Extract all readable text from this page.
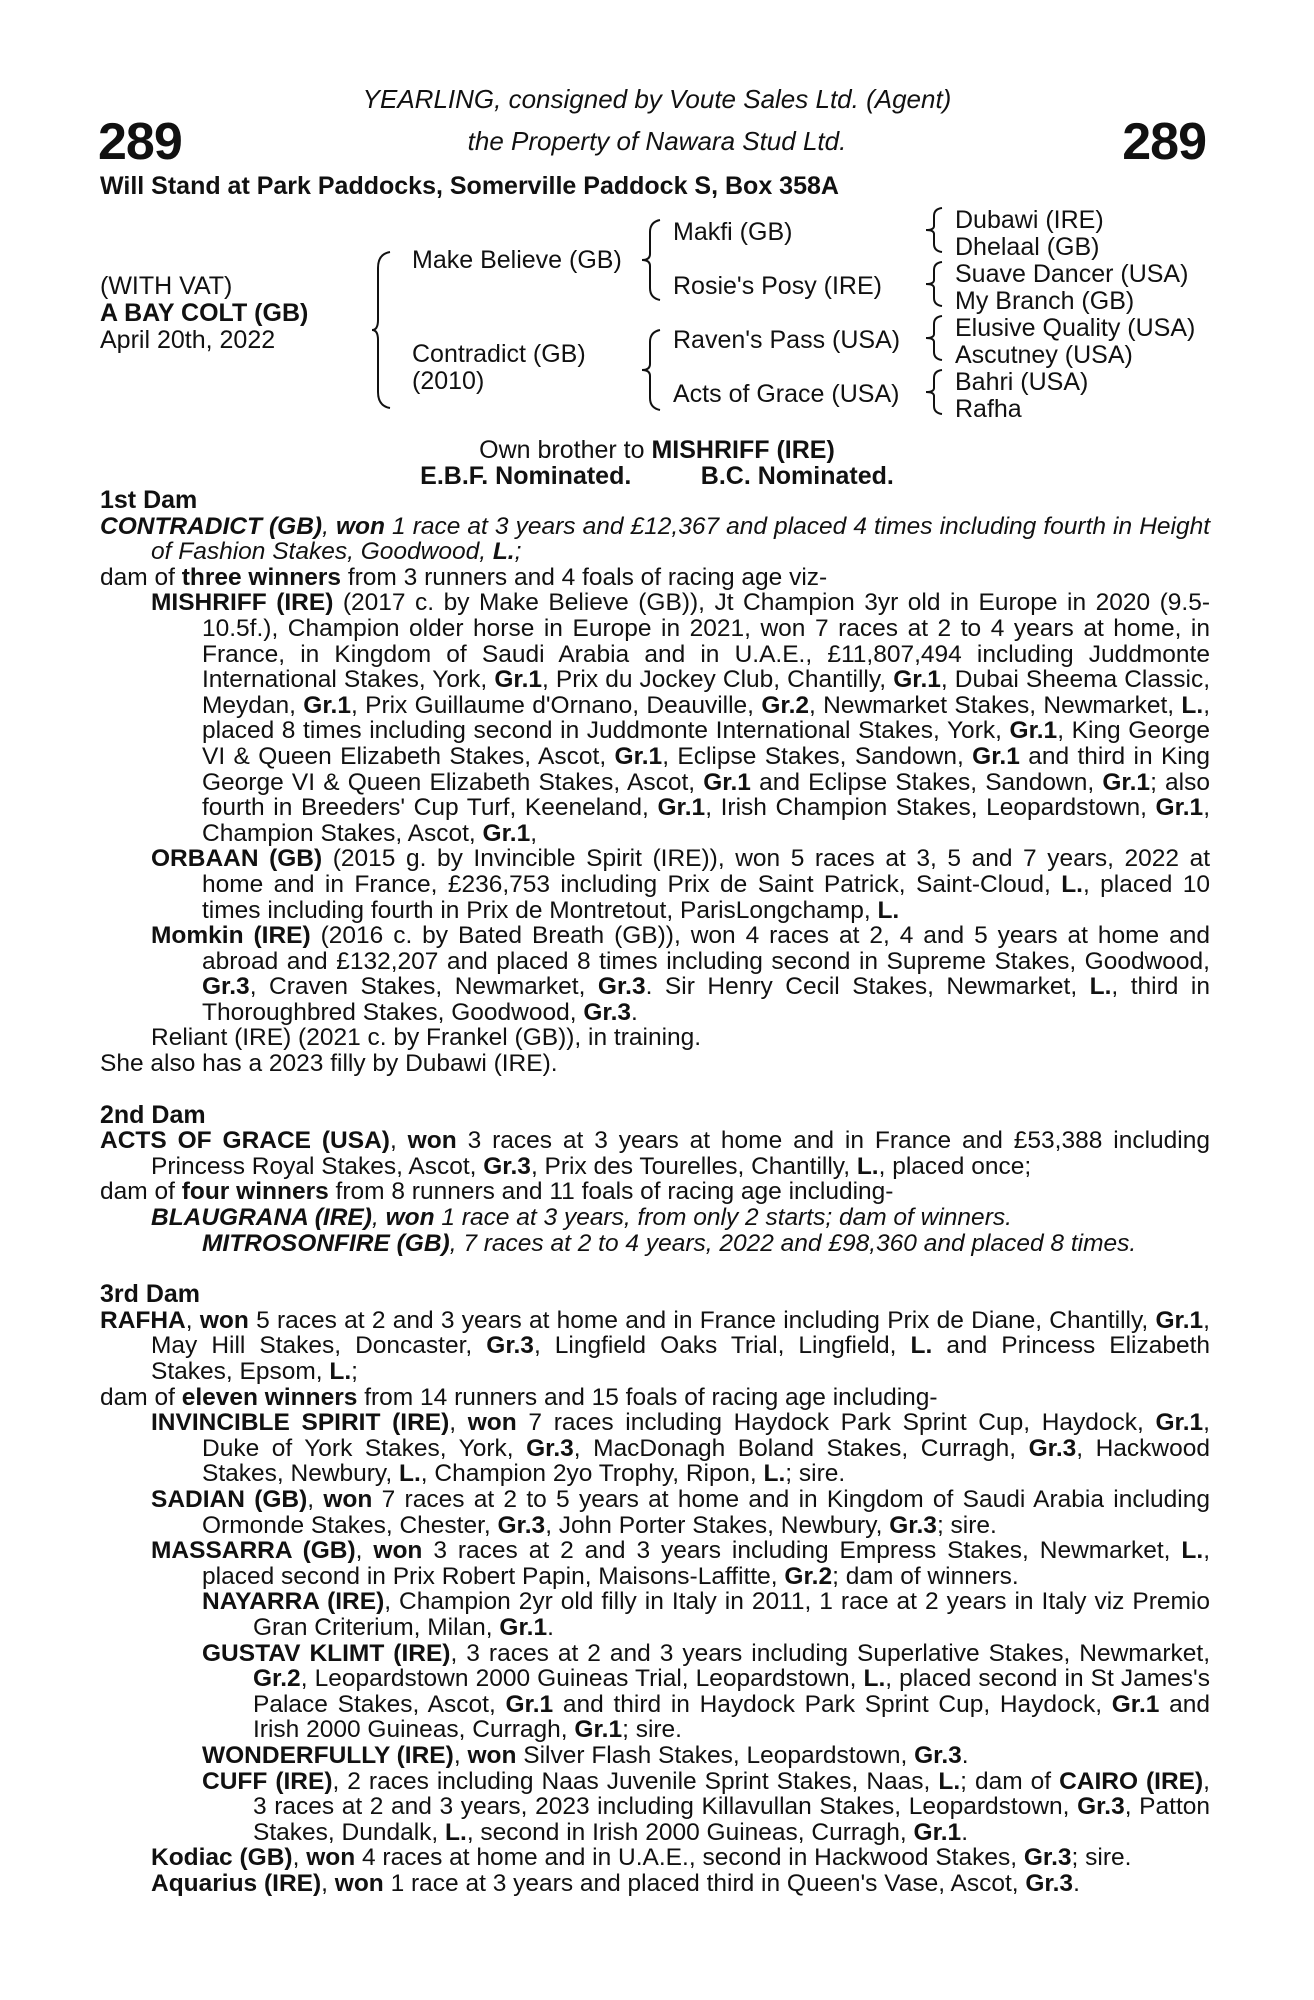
289	289
YEARLING, consigned by Voute Sales Ltd. (Agent)
the Property of Nawara Stud Ltd.
Will Stand at Park Paddocks, Somerville Paddock S, Box 358A
(WITH VAT)
A BAY COLT (GB)
April 20th, 2022
Make Believe (GB)
Contradict (GB)
(2010)
Makfi (GB)
Rosie's Posy (IRE)
Raven's Pass (USA)
Acts of Grace (USA)
Dubawi (IRE)
Dhelaal (GB)
Suave Dancer (USA)
My Branch (GB)
Elusive Quality (USA)
Ascutney (USA)
Bahri (USA)
Rafha
Own brother to MISHRIFF (IRE)
E.B.F. Nominated.	B.C. Nominated.

1st Dam

CONTRADICT (GB), won 1 race at 3 years and £12,367 and placed 4 times including fourth in Height of Fashion Stakes, Goodwood, L.;

dam of three winners from 3 runners and 4 foals of racing age viz-

MISHRIFF (IRE) (2017 c. by Make Believe (GB)), Jt Champion 3yr old in Europe in 2020 (9.5-10.5f.), Champion older horse in Europe in 2021, won 7 races at 2 to 4 years at home, in France, in Kingdom of Saudi Arabia and in U.A.E., £11,807,494 including Juddmonte International Stakes, York, Gr.1, Prix du Jockey Club, Chantilly, Gr.1, Dubai Sheema Classic, Meydan, Gr.1, Prix Guillaume d'Ornano, Deauville, Gr.2, Newmarket Stakes, Newmarket, L., placed 8 times including second in Juddmonte International Stakes, York, Gr.1, King George VI & Queen Elizabeth Stakes, Ascot, Gr.1, Eclipse Stakes, Sandown, Gr.1 and third in King George VI & Queen Elizabeth Stakes, Ascot, Gr.1 and Eclipse Stakes, Sandown, Gr.1; also fourth in Breeders' Cup Turf, Keeneland, Gr.1, Irish Champion Stakes, Leopardstown, Gr.1, Champion Stakes, Ascot, Gr.1,

ORBAAN (GB) (2015 g. by Invincible Spirit (IRE)), won 5 races at 3, 5 and 7 years, 2022 at home and in France, £236,753 including Prix de Saint Patrick, Saint-Cloud, L., placed 10 times including fourth in Prix de Montretout, ParisLongchamp, L.

Momkin (IRE) (2016 c. by Bated Breath (GB)), won 4 races at 2, 4 and 5 years at home and abroad and £132,207 and placed 8 times including second in Supreme Stakes, Goodwood, Gr.3, Craven Stakes, Newmarket, Gr.3. Sir Henry Cecil Stakes, Newmarket, L., third in Thoroughbred Stakes, Goodwood, Gr.3.

Reliant (IRE) (2021 c. by Frankel (GB)), in training.

She also has a 2023 filly by Dubawi (IRE).

2nd Dam

ACTS OF GRACE (USA), won 3 races at 3 years at home and in France and £53,388 including Princess Royal Stakes, Ascot, Gr.3, Prix des Tourelles, Chantilly, L., placed once;

dam of four winners from 8 runners and 11 foals of racing age including-

BLAUGRANA (IRE), won 1 race at 3 years, from only 2 starts; dam of winners.

MITROSONFIRE (GB), 7 races at 2 to 4 years, 2022 and £98,360 and placed 8 times.

3rd Dam

RAFHA, won 5 races at 2 and 3 years at home and in France including Prix de Diane, Chantilly, Gr.1, May Hill Stakes, Doncaster, Gr.3, Lingfield Oaks Trial, Lingfield, L. and Princess Elizabeth Stakes, Epsom, L.;

dam of eleven winners from 14 runners and 15 foals of racing age including-

INVINCIBLE SPIRIT (IRE), won 7 races including Haydock Park Sprint Cup, Haydock, Gr.1, Duke of York Stakes, York, Gr.3, MacDonagh Boland Stakes, Curragh, Gr.3, Hackwood Stakes, Newbury, L., Champion 2yo Trophy, Ripon, L.; sire.

SADIAN (GB), won 7 races at 2 to 5 years at home and in Kingdom of Saudi Arabia including Ormonde Stakes, Chester, Gr.3, John Porter Stakes, Newbury, Gr.3; sire.

MASSARRA (GB), won 3 races at 2 and 3 years including Empress Stakes, Newmarket, L., placed second in Prix Robert Papin, Maisons-Laffitte, Gr.2; dam of winners.

NAYARRA (IRE), Champion 2yr old filly in Italy in 2011, 1 race at 2 years in Italy viz Premio Gran Criterium, Milan, Gr.1.

GUSTAV KLIMT (IRE), 3 races at 2 and 3 years including Superlative Stakes, Newmarket, Gr.2, Leopardstown 2000 Guineas Trial, Leopardstown, L., placed second in St James's Palace Stakes, Ascot, Gr.1 and third in Haydock Park Sprint Cup, Haydock, Gr.1 and Irish 2000 Guineas, Curragh, Gr.1; sire.

WONDERFULLY (IRE), won Silver Flash Stakes, Leopardstown, Gr.3.

CUFF (IRE), 2 races including Naas Juvenile Sprint Stakes, Naas, L.; dam of CAIRO (IRE), 3 races at 2 and 3 years, 2023 including Killavullan Stakes, Leopardstown, Gr.3, Patton Stakes, Dundalk, L., second in Irish 2000 Guineas, Curragh, Gr.1.

Kodiac (GB), won 4 races at home and in U.A.E., second in Hackwood Stakes, Gr.3; sire.

Aquarius (IRE), won 1 race at 3 years and placed third in Queen's Vase, Ascot, Gr.3.
